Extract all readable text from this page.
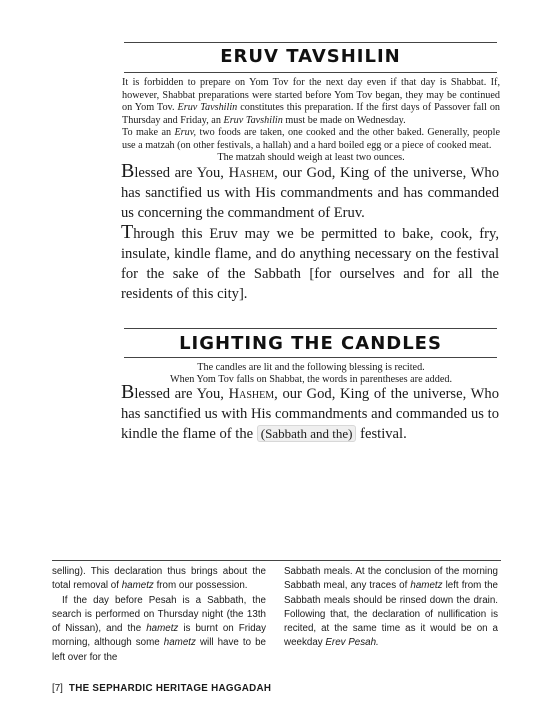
ERUV TAVSHILIN
It is forbidden to prepare on Yom Tov for the next day even if that day is Shabbat. If, however, Shabbat preparations were started before Yom Tov began, they may be continued on Yom Tov. Eruv Tavshilin constitutes this preparation. If the first days of Passover fall on Thursday and Friday, an Eruv Tavshilin must be made on Wednesday.
To make an Eruv, two foods are taken, one cooked and the other baked. Generally, people use a matzah (on other festivals, a hallah) and a hard boiled egg or a piece of cooked meat.
The matzah should weigh at least two ounces.
Blessed are You, Hashem, our God, King of the universe, Who has sanctified us with His commandments and has commanded us concerning the commandment of Eruv.
Through this Eruv may we be permitted to bake, cook, fry, insulate, kindle flame, and do anything necessary on the festival for the sake of the Sabbath [for ourselves and for all the residents of this city].
LIGHTING THE CANDLES
The candles are lit and the following blessing is recited.
When Yom Tov falls on Shabbat, the words in parentheses are added.
Blessed are You, Hashem, our God, King of the universe, Who has sanctified us with His commandments and commanded us to kindle the flame of the (Sabbath and the) festival.

selling). This declaration thus brings about the total removal of hametz from our possession.

If the day before Pesah is a Sabbath, the search is performed on Thursday night (the 13th of Nissan), and the hametz is burnt on Friday morning, although some hametz will have to be left over for the

Sabbath meals. At the conclusion of the morning Sabbath meal, any traces of hametz left from the Sabbath meals should be rinsed down the drain. Following that, the declaration of nullification is recited, at the same time as it would be on a weekday Erev Pesah.

[7] THE SEPHARDIC HERITAGE HAGGADAH
